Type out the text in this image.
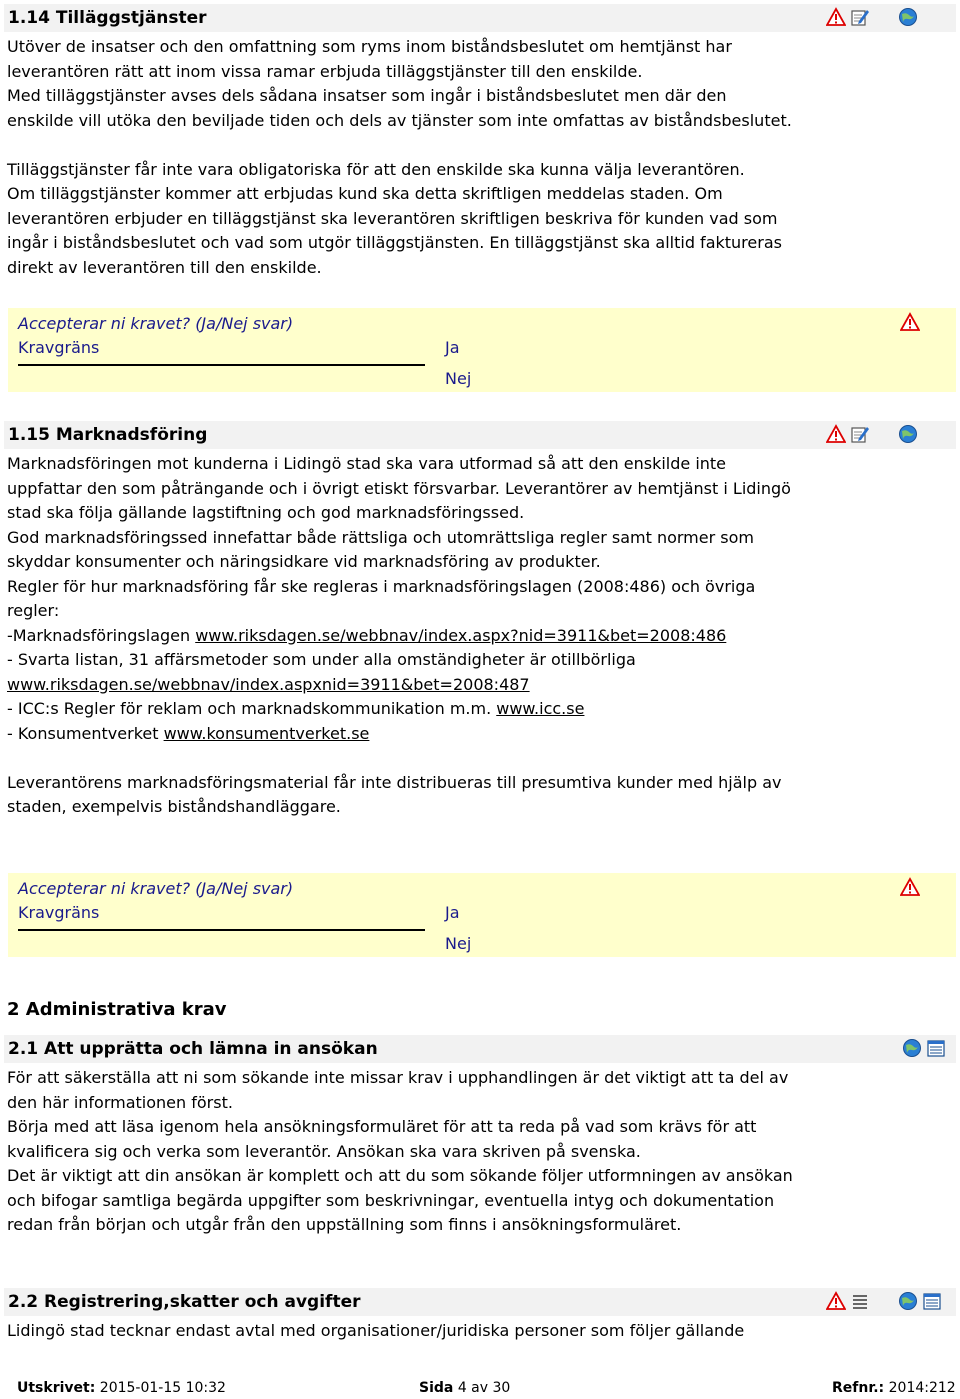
1.14 Tilläggstjänster

Utöver de insatser och den omfattning som ryms inom biståndsbeslutet om hemtjänst har leverantören rätt att inom vissa ramar erbjuda tilläggstjänster till den enskilde.

Med tilläggstjänster avses dels sådana insatser som ingår i biståndsbeslutet men där den enskilde vill utöka den beviljade tiden och dels av tjänster som inte omfattas av biståndsbeslutet.

Tilläggstjänster får inte vara obligatoriska för att den enskilde ska kunna välja leverantören.

Om tilläggstjänster kommer att erbjudas kund ska detta skriftligen meddelas staden. Om leverantören erbjuder en tilläggstjänst ska leverantören skriftligen beskriva för kunden vad som ingår i biståndsbeslutet och vad som utgör tilläggstjänsten. En tilläggstjänst ska alltid faktureras direkt av leverantören till den enskilde.

Accepterar ni kravet? (Ja/Nej svar)
Kravgräns	Ja
Nej
1.15 Marknadsföring

Marknadsföringen mot kunderna i Lidingö stad ska vara utformad så att den enskilde inte uppfattar den som påträngande och i övrigt etiskt försvarbar. Leverantörer av hemtjänst i Lidingö stad ska följa gällande lagstiftning och god marknadsföringssed.

God marknadsföringssed innefattar både rättsliga och utomrättsliga regler samt normer som skyddar konsumenter och näringsidkare vid marknadsföring av produkter.

Regler för hur marknadsföring får ske regleras i marknadsföringslagen (2008:486) och övriga regler:

-Marknadsföringslagen www.riksdagen.se/webbnav/index.aspx?nid=3911&bet=2008:486

- Svarta listan, 31 affärsmetoder som under alla omständigheter är otillbörliga www.riksdagen.se/webbnav/index.aspxnid=3911&bet=2008:487

- ICC:s Regler för reklam och marknadskommunikation m.m. www.icc.se

- Konsumentverket www.konsumentverket.se

Leverantörens marknadsföringsmaterial får inte distribueras till presumtiva kunder med hjälp av staden, exempelvis biståndshandläggare.

Accepterar ni kravet? (Ja/Nej svar)
Kravgräns	Ja
Nej
2 Administrativa krav
2.1 Att upprätta och lämna in ansökan

För att säkerställa att ni som sökande inte missar krav i upphandlingen är det viktigt att ta del av den här informationen först.

Börja med att läsa igenom hela ansökningsformuläret för att ta reda på vad som krävs för att kvalificera sig och verka som leverantör. Ansökan ska vara skriven på svenska.

Det är viktigt att din ansökan är komplett och att du som sökande följer utformningen av ansökan och bifogar samtliga begärda uppgifter som beskrivningar, eventuella intyg och dokumentation redan från början och utgår från den uppställning som finns i ansökningsformuläret.

2.2 Registrering,skatter och avgifter

Lidingö stad tecknar endast avtal med organisationer/juridiska personer som följer gällande

Utskrivet: 2015-01-15 10:32	Sida 4 av 30	Refnr.: 2014:212
